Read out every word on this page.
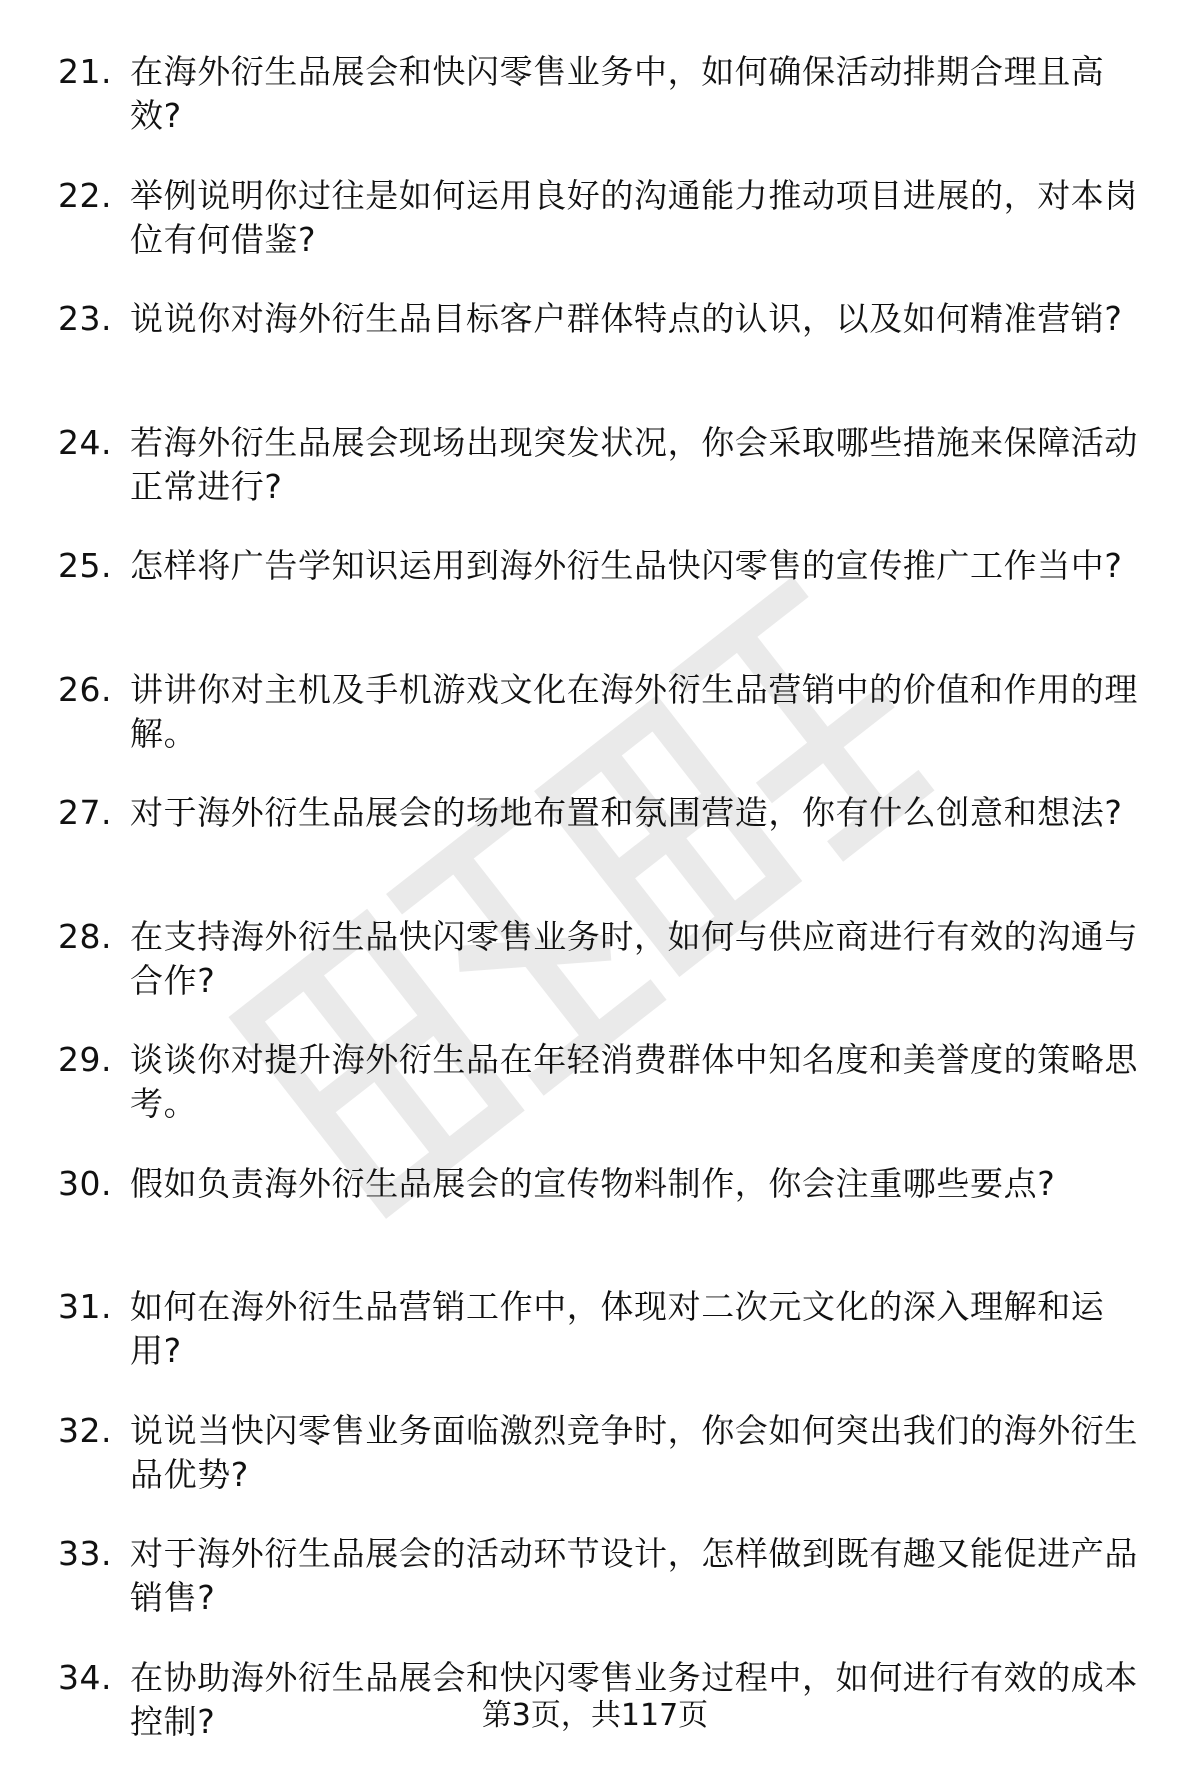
21. 在海外衍生品展会和快闪零售业务中，如何确保活动排期合理且高效?
22. 举例说明你过往是如何运用良好的沟通能力推动项目进展的，对本岗位有何借鉴?
23. 说说你对海外衍生品目标客户群体特点的认识，以及如何精准营销?
24. 若海外衍生品展会现场出现突发状况，你会采取哪些措施来保障活动正常进行?
25. 怎样将广告学知识运用到海外衍生品快闪零售的宣传推广工作当中?
26. 讲讲你对主机及手机游戏文化在海外衍生品营销中的价值和作用的理解。
27. 对于海外衍生品展会的场地布置和氛围营造，你有什么创意和想法?
28. 在支持海外衍生品快闪零售业务时，如何与供应商进行有效的沟通与合作?
29. 谈谈你对提升海外衍生品在年轻消费群体中知名度和美誉度的策略思考。
30. 假如负责海外衍生品展会的宣传物料制作，你会注重哪些要点?
31. 如何在海外衍生品营销工作中，体现对二次元文化的深入理解和运用?
32. 说说当快闪零售业务面临激烈竞争时，你会如何突出我们的海外衍生品优势?
33. 对于海外衍生品展会的活动环节设计，怎样做到既有趣又能促进产品销售?
34. 在协助海外衍生品展会和快闪零售业务过程中，如何进行有效的成本控制?	第3页，共117页
